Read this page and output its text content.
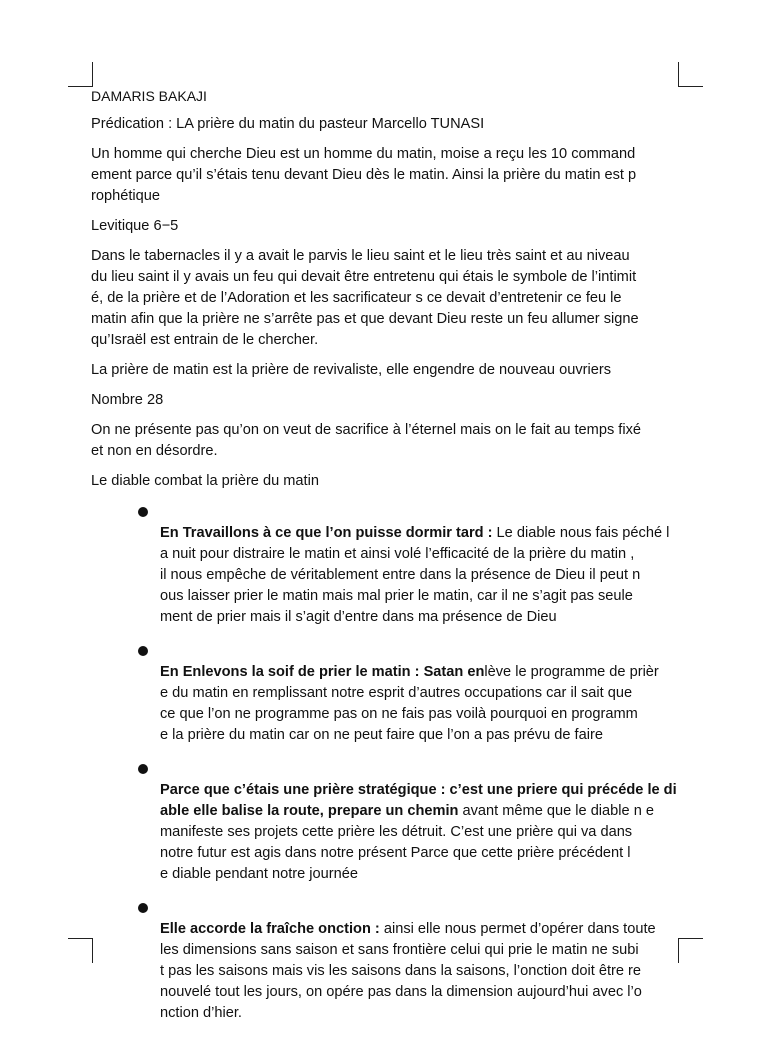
DAMARIS BAKAJI

Prédication : LA prière du matin du pasteur Marcello TUNASI

Un homme qui cherche Dieu est un homme du matin, moise a reçu les 10 command
ement parce qu’il s’étais tenu devant Dieu dès le matin. Ainsi la prière du matin est p
rophétique

Levitique 6−5

Dans le tabernacles il y a avait le parvis le lieu saint et le lieu très saint et au niveau
du lieu saint il y avais un feu qui devait être entretenu qui étais le symbole de l’intimit
é, de la prière et de l’Adoration et les sacrificateur s ce devait d’entretenir ce feu le
matin afin que la prière ne s’arrête pas et que devant Dieu reste un feu allumer signe
qu’Israël est entrain de le chercher.

La prière de matin est la prière de revivaliste, elle engendre de nouveau ouvriers

Nombre 28

On ne présente pas qu’on on veut de sacrifice à l’éternel mais on le fait au temps fixé
et non en désordre.

Le diable combat la prière du matin

En Travaillons à ce que l’on puisse dormir tard : Le diable nous fais péché l
a nuit pour distraire le matin et ainsi volé l’efficacité de la prière du matin ,
il nous empêche de véritablement entre dans la présence de Dieu il peut n
ous laisser prier le matin mais mal prier le matin, car il ne s’agit pas seule
ment de prier mais il s’agit d’entre dans ma présence de Dieu

En Enlevons la soif de prier le matin : Satan enlève le programme de prièr
e du matin en remplissant notre esprit d’autres occupations car il sait que
ce que l’on ne programme pas on ne fais pas voilà pourquoi en programm
e la prière du matin car on ne peut faire que l’on a pas prévu de faire

Parce que c’étais une prière stratégique : c’est une priere qui précéde le di
able elle balise la route, prepare un chemin avant même que le diable n e
manifeste ses projets cette prière les détruit. C’est une prière qui va dans
notre futur est agis dans notre présent Parce que cette prière précédent l
e diable pendant notre journée

Elle accorde la fraîche onction : ainsi elle nous permet d’opérer dans toute
les dimensions sans saison et sans frontière celui qui prie le matin ne subi
t pas les saisons mais vis les saisons dans la saisons, l’onction doit être re
nouvelé tout les jours, on opére pas dans la dimension aujourd’hui avec l’o
nction d’hier.
